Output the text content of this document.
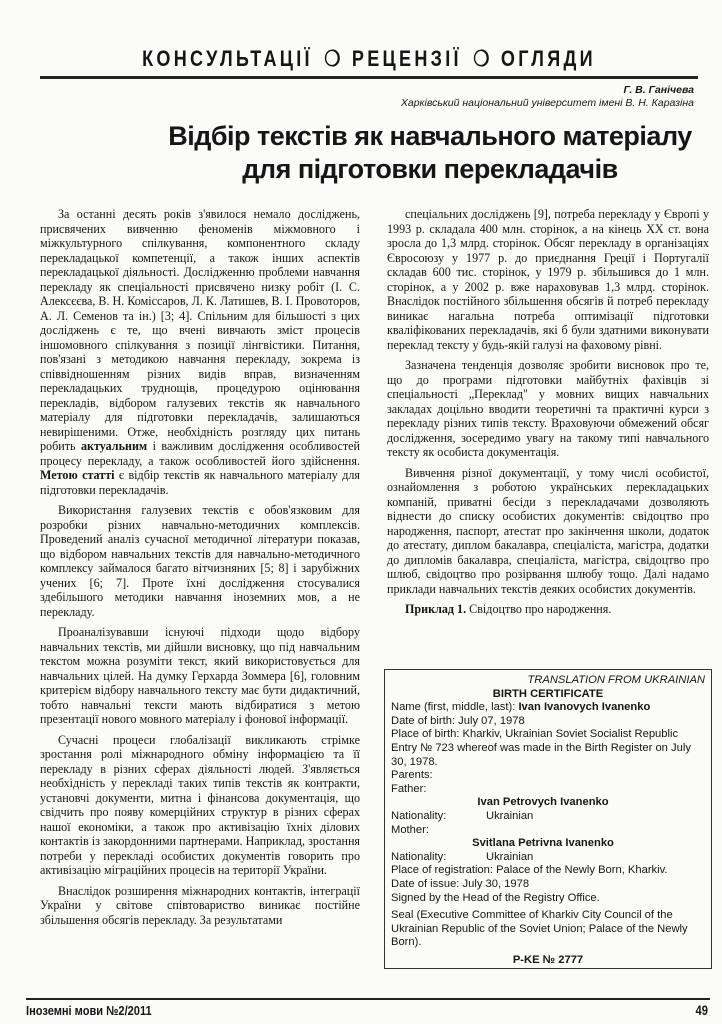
КОНСУЛЬТАЦІЇ ❍ РЕЦЕНЗІЇ ❍ ОГЛЯДИ
Г. В. Ганічева
Харківський національний університет імені В. Н. Каразіна
Відбір текстів як навчального матеріалу
для підготовки перекладачів

За останні десять років з'явилося немало досліджень, присвячених вивченню феноменів міжмовного і міжкультурного спілкування, компонентного складу перекладацької компетенції, а також інших аспектів перекладацької діяльності. Дослідженню проблеми навчання перекладу як спеціальності присвячено низку робіт (І. С. Алексєєва, В. Н. Комісcаров, Л. К. Латишев, В. І. Провоторов, А. Л. Семенов та ін.) [3; 4]. Спільним для більшості з цих досліджень є те, що вчені вивчають зміст процесів іншомовного спілкування з позиції лінгвістики. Питання, пов'язані з методикою навчання перекладу, зокрема із співвідношенням різних видів вправ, визначенням перекладацьких труднощів, процедурою оцінювання перекладів, відбором галузевих текстів як навчального матеріалу для підготовки перекладачів, залишаються невирішеними. Отже, необхідність розгляду цих питань робить актуальним і важливим дослідження особливостей процесу перекладу, а також особливостей його здійснення. Метою статті є відбір текстів як навчального матеріалу для підготовки перекладачів.

Використання галузевих текстів є обов'язковим для розробки різних навчально-методичних комплексів. Проведений аналіз сучасної методичної літератури показав, що відбором навчальних текстів для навчально-методичного комплексу займалося багато вітчизняних [5; 8] і зарубіжних учених [6; 7]. Проте їхні дослідження стосувалися здебільшого методики навчання іноземних мов, а не перекладу.

Проаналізувавши існуючі підходи щодо відбору навчальних текстів, ми дійшли висновку, що під навчальним текстом можна розуміти текст, який використовується для навчальних цілей. На думку Герхарда Зоммера [6], головним критерієм відбору навчального тексту має бути дидактичний, тобто навчальні тексти мають відбиратися з метою презентації нового мовного матеріалу і фонової інформації.

Сучасні процеси глобалізації викликають стрімке зростання ролі міжнародного обміну інформацією та її перекладу в різних сферах діяльності людей. З'являється необхідність у перекладі таких типів текстів як контракти, установчі документи, митна і фінансова документація, що свідчить про появу комерційних структур в різних сферах нашої економіки, а також про активізацію їхніх ділових контактів із закордонними партнерами. Наприклад, зростання потреби у перекладі особистих документів говорить про активізацію міграційних процесів на території України.

Внаслідок розширення міжнародних контактів, інтеграції України у світове співтовариство виникає постійне збільшення обсягів перекладу. За результатами

спеціальних досліджень [9], потреба перекладу у Європі у 1993 р. складала 400 млн. сторінок, а на кінець ХХ ст. вона зросла до 1,3 млрд. сторінок. Обсяг перекладу в організаціях Євросоюзу у 1977 р. до приєднання Греції і Португалії складав 600 тис. сторінок, у 1979 р. збільшився до 1 млн. сторінок, а у 2002 р. вже нараховував 1,3 млрд. сторінок. Внаслідок постійного збільшення обсягів й потреб перекладу виникає нагальна потреба оптимізації підготовки кваліфікованих перекладачів, які б були здатними виконувати переклад тексту у будь-якій галузі на фаховому рівні.

Зазначена тенденція дозволяє зробити висновок про те, що до програми підготовки майбутніх фахівців зі спеціальності „Переклад" у мовних вищих навчальних закладах доцільно вводити теоретичні та практичні курси з перекладу різних типів тексту. Враховуючи обмежений обсяг дослідження, зосередимо увагу на такому типі навчального тексту як особиста документація.

Вивчення різної документації, у тому числі особистої, ознайомлення з роботою українських перекладацьких компаній, приватні бесіди з перекладачами дозволяють віднести до списку особистих документів: свідоцтво про народження, паспорт, атестат про закінчення школи, додаток до атестату, диплом бакалавра, спеціаліста, магістра, додатки до дипломів бакалавра, спеціаліста, магістра, свідоцтво про шлюб, свідоцтво про розірвання шлюбу тощо. Далі надамо приклади навчальних текстів деяких особистих документів.

Приклад 1. Свідоцтво про народження.

TRANSLATION FROM UKRAINIAN
BIRTH CERTIFICATE
Name (first, middle, last): Ivan Ivanovych Ivanenko
Date of birth: July 07, 1978
Place of birth: Kharkiv, Ukrainian Soviet Socialist Republic Entry № 723 whereof was made in the Birth Register on July 30, 1978.
Parents:
Father:
Ivan Petrovych Ivanenko
Nationality:	Ukrainian
Mother:
Svitlana Petrivna Ivanenko
Nationality:	Ukrainian
Place of registration: Palace of the Newly Born, Kharkiv.
Date of issue: July 30, 1978
Signed by the Head of the Registry Office.
Seal (Executive Committee of Kharkiv City Council of the Ukrainian Republic of the Soviet Union; Palace of the Newly Born).
P-KE № 2777
Іноземні мови №2/2011	49
